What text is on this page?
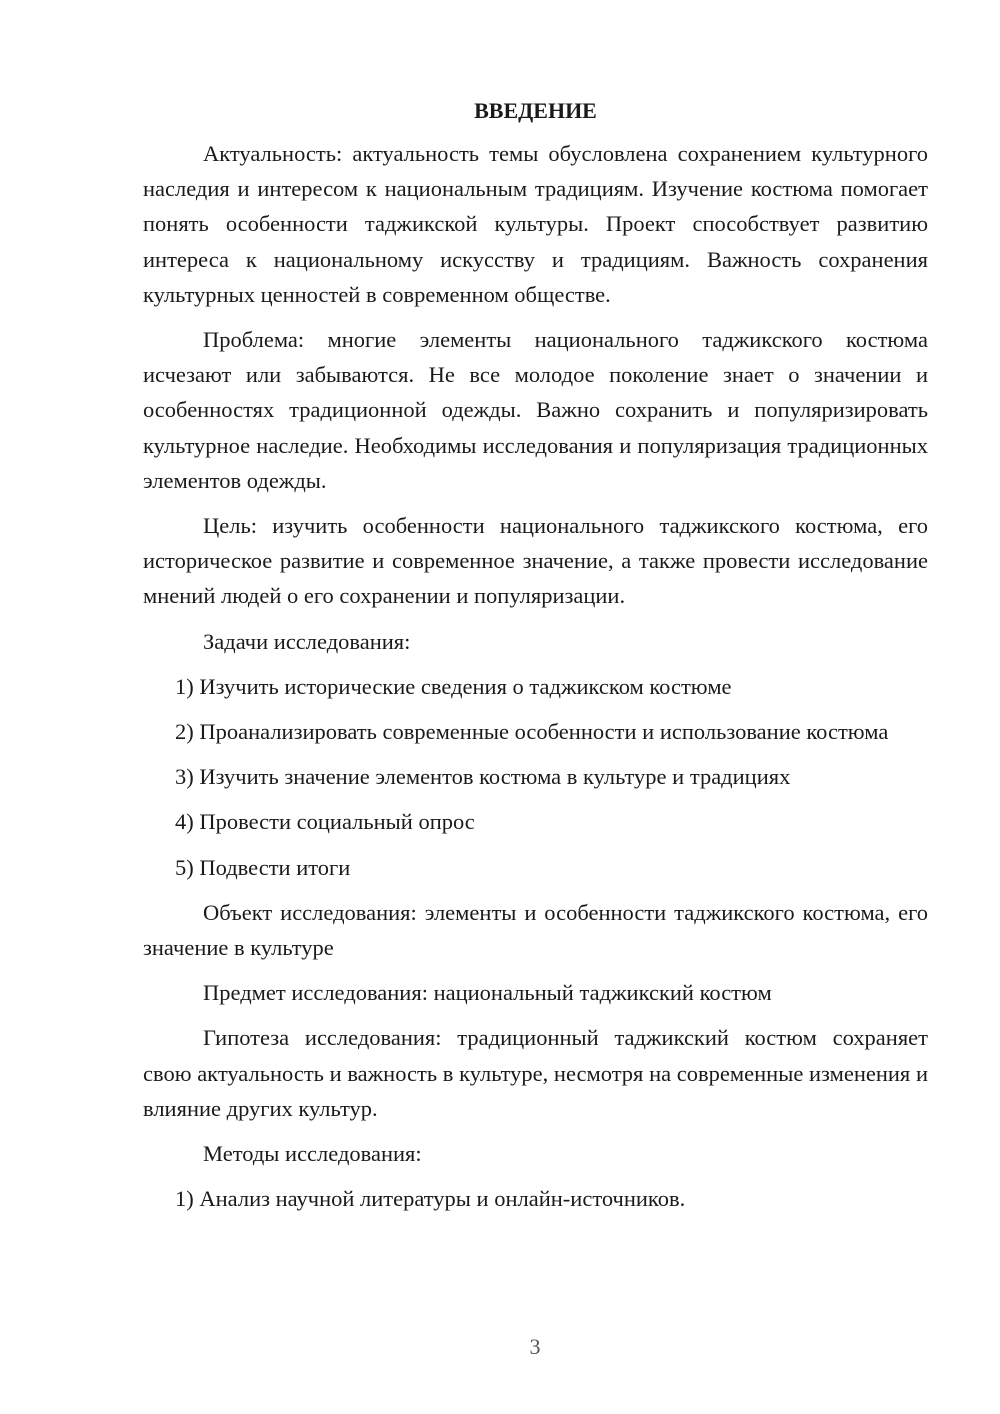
ВВЕДЕНИЕ
Актуальность: актуальность темы обусловлена сохранением культурного наследия и интересом к национальным традициям. Изучение костюма помогает понять особенности таджикской культуры. Проект способствует развитию интереса к национальному искусству и традициям. Важность сохранения культурных ценностей в современном обществе.
Проблема: многие элементы национального таджикского костюма исчезают или забываются. Не все молодое поколение знает о значении и особенностях традиционной одежды. Важно сохранить и популяризировать культурное наследие. Необходимы исследования и популяризация традиционных элементов одежды.
Цель: изучить особенности национального таджикского костюма, его историческое развитие и современное значение, а также провести исследование мнений людей о его сохранении и популяризации.
Задачи исследования:
1) Изучить исторические сведения о таджикском костюме
2) Проанализировать современные особенности и использование костюма
3) Изучить значение элементов костюма в культуре и традициях
4) Провести социальный опрос
5) Подвести итоги
Объект исследования: элементы и особенности таджикского костюма, его значение в культуре
Предмет исследования: национальный таджикский костюм
Гипотеза исследования: традиционный таджикский костюм сохраняет свою актуальность и важность в культуре, несмотря на современные изменения и влияние других культур.
Методы исследования:
1) Анализ научной литературы и онлайн-источников.
3
